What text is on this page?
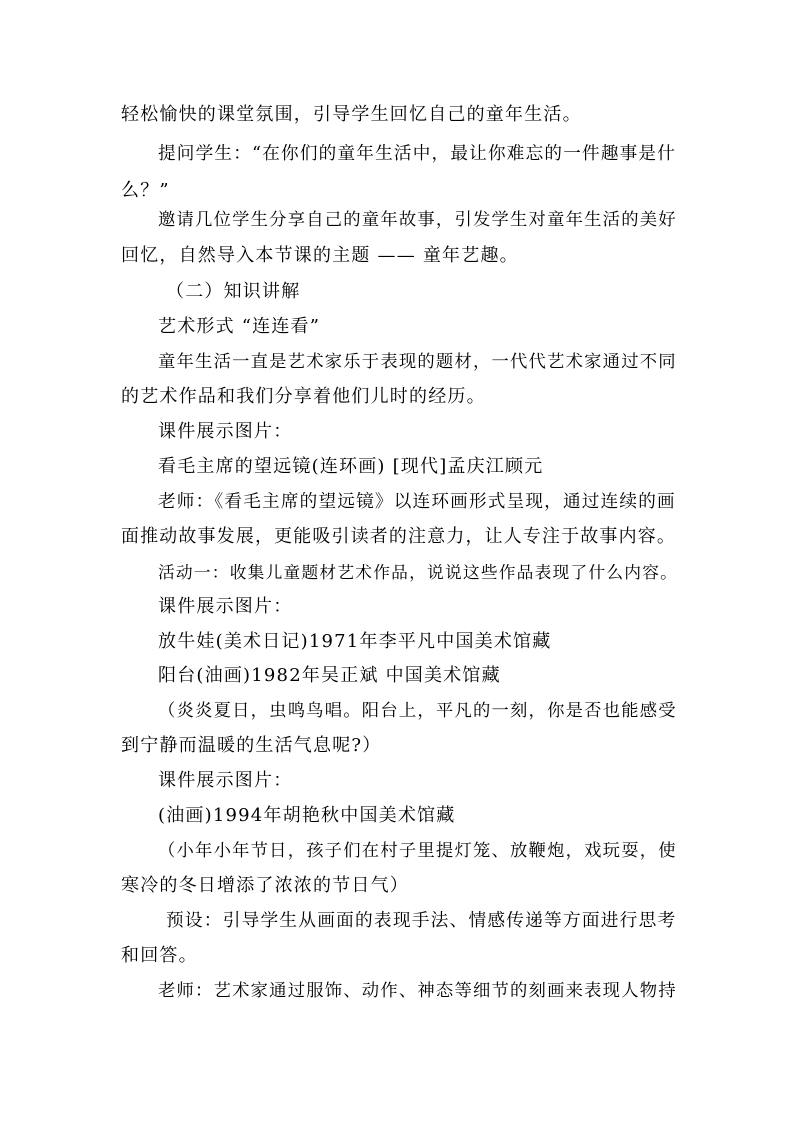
轻松愉快的课堂氛围，引导学生回忆自己的童年生活。
提问学生：“在你们的童年生活中，最让你难忘的一件趣事是什
么？”
邀请几位学生分享自己的童年故事，引发学生对童年生活的美好
回忆，自然导入本节课的主题 —— 童年艺趣。
（二）知识讲解
艺术形式 “连连看”
童年生活一直是艺术家乐于表现的题材，一代代艺术家通过不同
的艺术作品和我们分享着他们儿时的经历。
课件展示图片：
看毛主席的望远镜(连环画) [现代]孟庆江顾元
老师：《看毛主席的望远镜》以连环画形式呈现，通过连续的画
面推动故事发展，更能吸引读者的注意力，让人专注于故事内容。
活动一：收集儿童题材艺术作品，说说这些作品表现了什么内容。
课件展示图片：
放牛娃(美术日记)1971年李平凡中国美术馆藏
阳台(油画)1982年吴正斌 中国美术馆藏
（炎炎夏日，虫鸣鸟唱。阳台上，平凡的一刻，你是否也能感受
到宁静而温暖的生活气息呢?）
课件展示图片：
(油画)1994年胡艳秋中国美术馆藏
（小年小年节日，孩子们在村子里提灯笼、放鞭炮，戏玩耍，使
寒冷的冬日增添了浓浓的节日气）
预设：引导学生从画面的表现手法、情感传递等方面进行思考
和回答。
老师：艺术家通过服饰、动作、神态等细节的刻画来表现人物持
